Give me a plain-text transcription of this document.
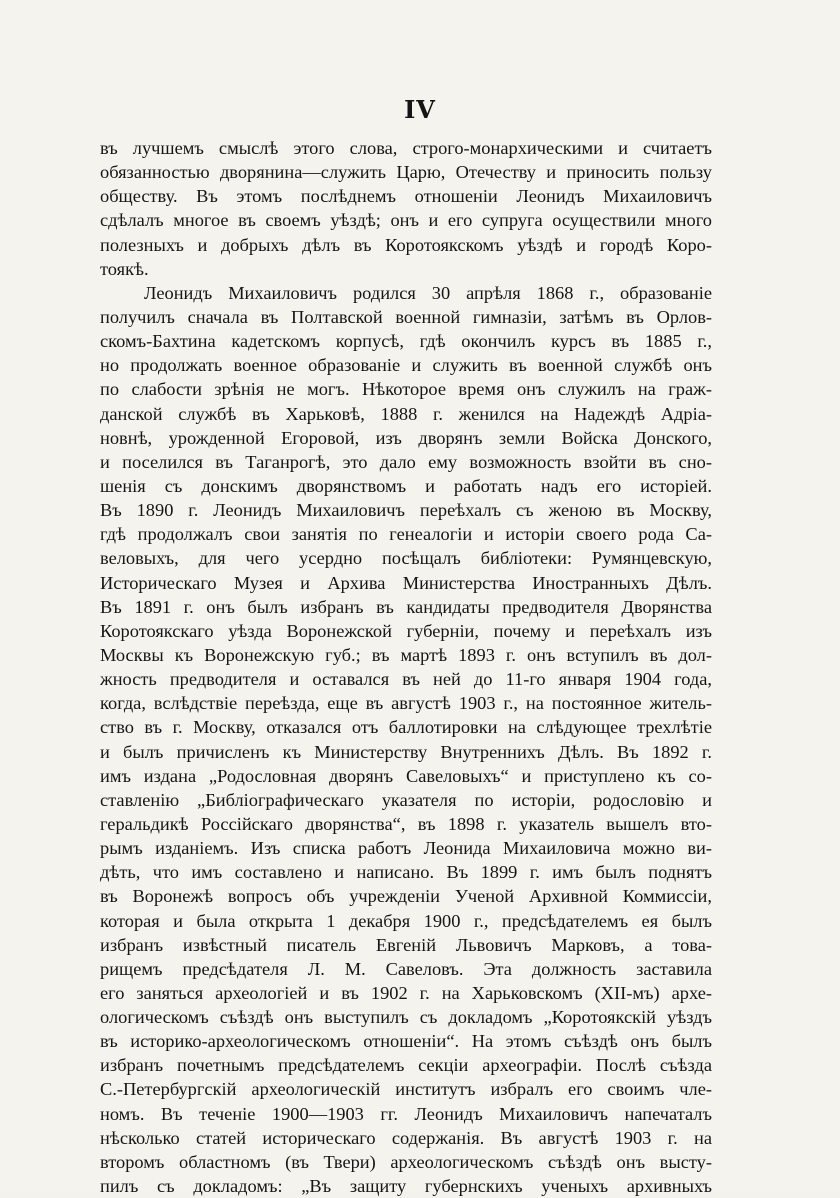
IV
въ лучшемъ смыслѣ этого слова, строго-монархическими и считаетъ
обязанностью дворянина—служить Царю, Отечеству и приносить пользу
обществу. Въ этомъ послѣднемъ отношеніи Леонидъ Михаиловичъ
сдѣлалъ многое въ своемъ уѣздѣ; онъ и его супруга осуществили много
полезныхъ и добрыхъ дѣлъ въ Коротоякскомъ уѣздѣ и городѣ Коро-
тоякѣ.
Леонидъ Михаиловичъ родился 30 апрѣля 1868 г., образованіе
получилъ сначала въ Полтавской военной гимназіи, затѣмъ въ Орлов-
скомъ-Бахтина кадетскомъ корпусѣ, гдѣ окончилъ курсъ въ 1885 г.,
но продолжать военное образованіе и служить въ военной службѣ онъ
по слабости зрѣнія не могъ. Нѣкоторое время онъ служилъ на граж-
данской службѣ въ Харьковѣ, 1888 г. женился на Надеждѣ Адріа-
новнѣ, урожденной Егоровой, изъ дворянъ земли Войска Донского,
и поселился въ Таганрогѣ, это дало ему возможность взойти въ сно-
шенія съ донскимъ дворянствомъ и работать надъ его исторіей.
Въ 1890 г. Леонидъ Михаиловичъ переѣхалъ съ женою въ Москву,
гдѣ продолжалъ свои занятія по генеалогіи и исторіи своего рода Са-
веловыхъ, для чего усердно посѣщалъ библіотеки: Румянцевскую,
Историческаго Музея и Архива Министерства Иностранныхъ Дѣлъ.
Въ 1891 г. онъ былъ избранъ въ кандидаты предводителя Дворянства
Коротоякскаго уѣзда Воронежской губерніи, почему и переѣхалъ изъ
Москвы къ Воронежскую губ.; въ мартѣ 1893 г. онъ вступилъ въ дол-
жность предводителя и оставался въ ней до 11-го января 1904 года,
когда, вслѣдствіе переѣзда, еще въ августѣ 1903 г., на постоянное житель-
ство въ г. Москву, отказался отъ баллотировки на слѣдующее трехлѣтіе
и былъ причисленъ къ Министерству Внутреннихъ Дѣлъ. Въ 1892 г.
имъ издана „Родословная дворянъ Савеловыхъ“ и приступлено къ со-
ставленію „Библіографическаго указателя по исторіи, родословію и
геральдикѣ Россійскаго дворянства“, въ 1898 г. указатель вышелъ вто-
рымъ изданіемъ. Изъ списка работъ Леонида Михаиловича можно ви-
дѣть, что имъ составлено и написано. Въ 1899 г. имъ былъ поднятъ
въ Воронежѣ вопросъ объ учрежденіи Ученой Архивной Коммиссіи,
которая и была открыта 1 декабря 1900 г., предсѣдателемъ ея былъ
избранъ извѣстный писатель Евгеній Львовичъ Марковъ, а това-
рищемъ предсѣдателя Л. М. Савеловъ. Эта должность заставила
его заняться археологіей и въ 1902 г. на Харьковскомъ (XII-мъ) архе-
ологическомъ съѣздѣ онъ выступилъ съ докладомъ „Коротоякскій уѣздъ
въ историко-археологическомъ отношеніи“. На этомъ съѣздѣ онъ былъ
избранъ почетнымъ предсѣдателемъ секціи археографіи. Послѣ съѣзда
С.-Петербургскій археологическій институтъ избралъ его своимъ чле-
номъ. Въ теченіе 1900—1903 гг. Леонидъ Михаиловичъ напечаталъ
нѣсколько статей историческаго содержанія. Въ августѣ 1903 г. на
второмъ областномъ (въ Твери) археологическомъ съѣздѣ онъ высту-
пилъ съ докладомъ: „Въ защиту губернскихъ ученыхъ архивныхъ
